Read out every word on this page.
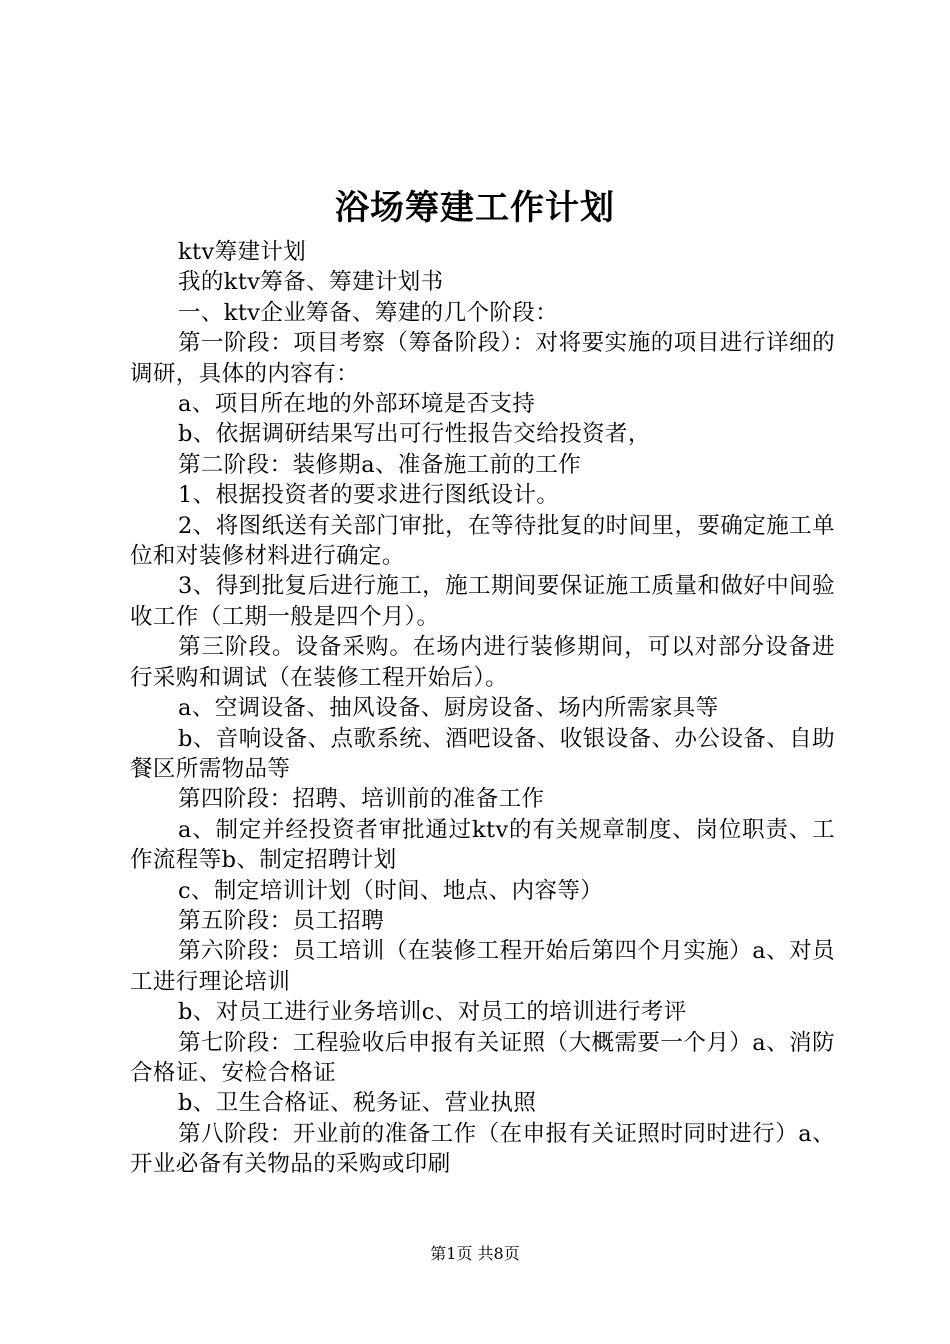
浴场筹建工作计划

ktv筹建计划

我的ktv筹备、筹建计划书

一、ktv企业筹备、筹建的几个阶段：

第一阶段：项目考察（筹备阶段）：对将要实施的项目进行详细的调研，具体的内容有：

a、项目所在地的外部环境是否支持

b、依据调研结果写出可行性报告交给投资者，

第二阶段：装修期a、准备施工前的工作

1、根据投资者的要求进行图纸设计。

2、将图纸送有关部门审批，在等待批复的时间里，要确定施工单位和对装修材料进行确定。

3、得到批复后进行施工，施工期间要保证施工质量和做好中间验收工作（工期一般是四个月）。

第三阶段。设备采购。在场内进行装修期间，可以对部分设备进行采购和调试（在装修工程开始后）。

a、空调设备、抽风设备、厨房设备、场内所需家具等

b、音响设备、点歌系统、酒吧设备、收银设备、办公设备、自助餐区所需物品等

第四阶段：招聘、培训前的准备工作

a、制定并经投资者审批通过ktv的有关规章制度、岗位职责、工作流程等b、制定招聘计划

c、制定培训计划（时间、地点、内容等）

第五阶段：员工招聘

第六阶段：员工培训（在装修工程开始后第四个月实施）a、对员工进行理论培训

b、对员工进行业务培训c、对员工的培训进行考评

第七阶段：工程验收后申报有关证照（大概需要一个月）a、消防合格证、安检合格证

b、卫生合格证、税务证、营业执照

第八阶段：开业前的准备工作（在申报有关证照时同时进行）a、开业必备有关物品的采购或印刷

第1页 共8页
